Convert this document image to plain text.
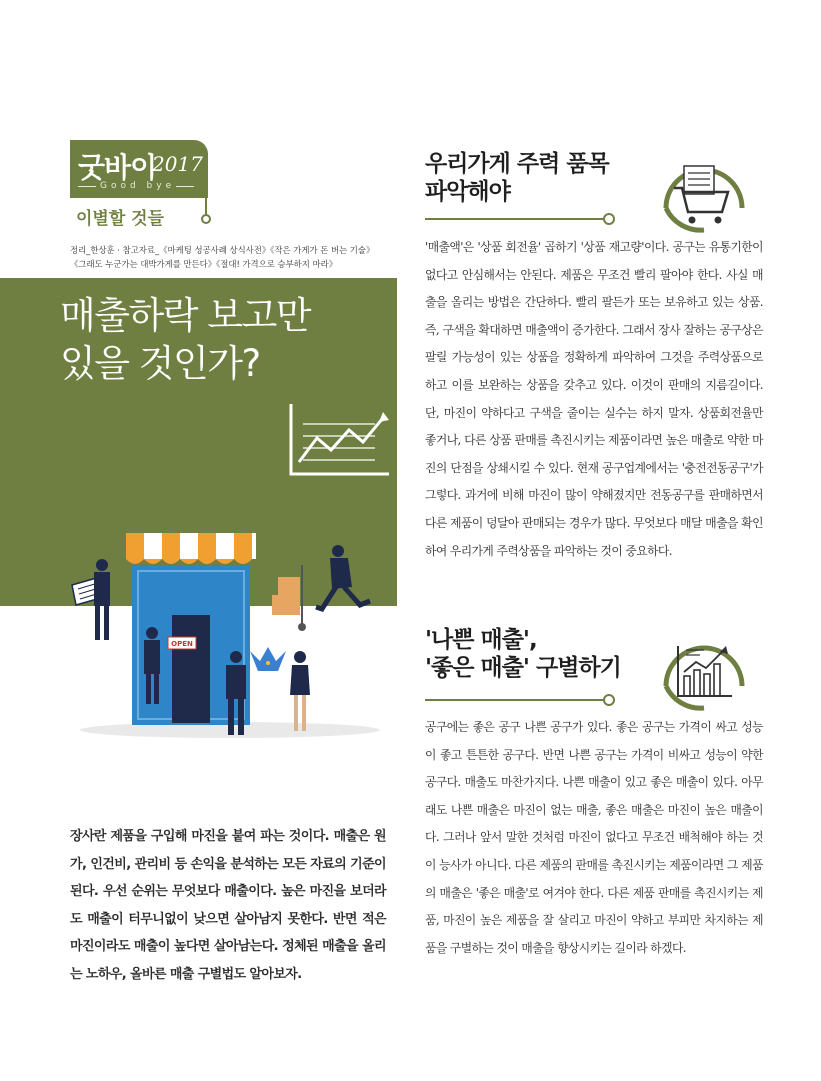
굿바이
2017
Good bye
이별할 것들
정리_한상훈 · 참고자료_《마케팅 성공사례 상식사전》《작은 가게가 돈 버는 기술》
《그래도 누군가는 대박가게를 만든다》《절대! 가격으로 승부하지 마라》
매출하락 보고만
있을 것인가?
OPEN

장사란 제품을 구입해 마진을 붙여 파는 것이다. 매출은 원가, 인건비, 관리비 등 손익을 분석하는 모든 자료의 기준이 된다. 우선 순위는 무엇보다 매출이다. 높은 마진을 보더라도 매출이 터무니없이 낮으면 살아남지 못한다. 반면 적은 마진이라도 매출이 높다면 살아남는다. 정체된 매출을 올리는 노하우, 올바른 매출 구별법도 알아보자.

우리가게 주력 품목
파악해야

'매출액'은 '상품 회전율' 곱하기 '상품 재고량'이다. 공구는 유통기한이 없다고 안심해서는 안된다. 제품은 무조건 빨리 팔아야 한다. 사실 매출을 올리는 방법은 간단하다. 빨리 팔든가 또는 보유하고 있는 상품. 즉, 구색을 확대하면 매출액이 증가한다. 그래서 장사 잘하는 공구상은 팔릴 가능성이 있는 상품을 정확하게 파악하여 그것을 주력상품으로 하고 이를 보완하는 상품을 갖추고 있다. 이것이 판매의 지름길이다. 단, 마진이 약하다고 구색을 줄이는 실수는 하지 말자. 상품회전율만 좋거나, 다른 상품 판매를 촉진시키는 제품이라면 높은 매출로 약한 마진의 단점을 상쇄시킬 수 있다. 현재 공구업계에서는 '충전전동공구'가 그렇다. 과거에 비해 마진이 많이 약해졌지만 전동공구를 판매하면서 다른 제품이 덩달아 판매되는 경우가 많다. 무엇보다 매달 매출을 확인하여 우리가게 주력상품을 파악하는 것이 중요하다.

'나쁜 매출',
'좋은 매출' 구별하기

공구에는 좋은 공구 나쁜 공구가 있다. 좋은 공구는 가격이 싸고 성능이 좋고 튼튼한 공구다. 반면 나쁜 공구는 가격이 비싸고 성능이 약한 공구다. 매출도 마찬가지다. 나쁜 매출이 있고 좋은 매출이 있다. 아무래도 나쁜 매출은 마진이 없는 매출, 좋은 매출은 마진이 높은 매출이다. 그러나 앞서 말한 것처럼 마진이 없다고 무조건 배척해야 하는 것이 능사가 아니다. 다른 제품의 판매를 촉진시키는 제품이라면 그 제품의 매출은 '좋은 매출'로 여겨야 한다. 다른 제품 판매를 촉진시키는 제품, 마진이 높은 제품을 잘 살리고 마진이 약하고 부피만 차지하는 제품을 구별하는 것이 매출을 향상시키는 길이라 하겠다.
